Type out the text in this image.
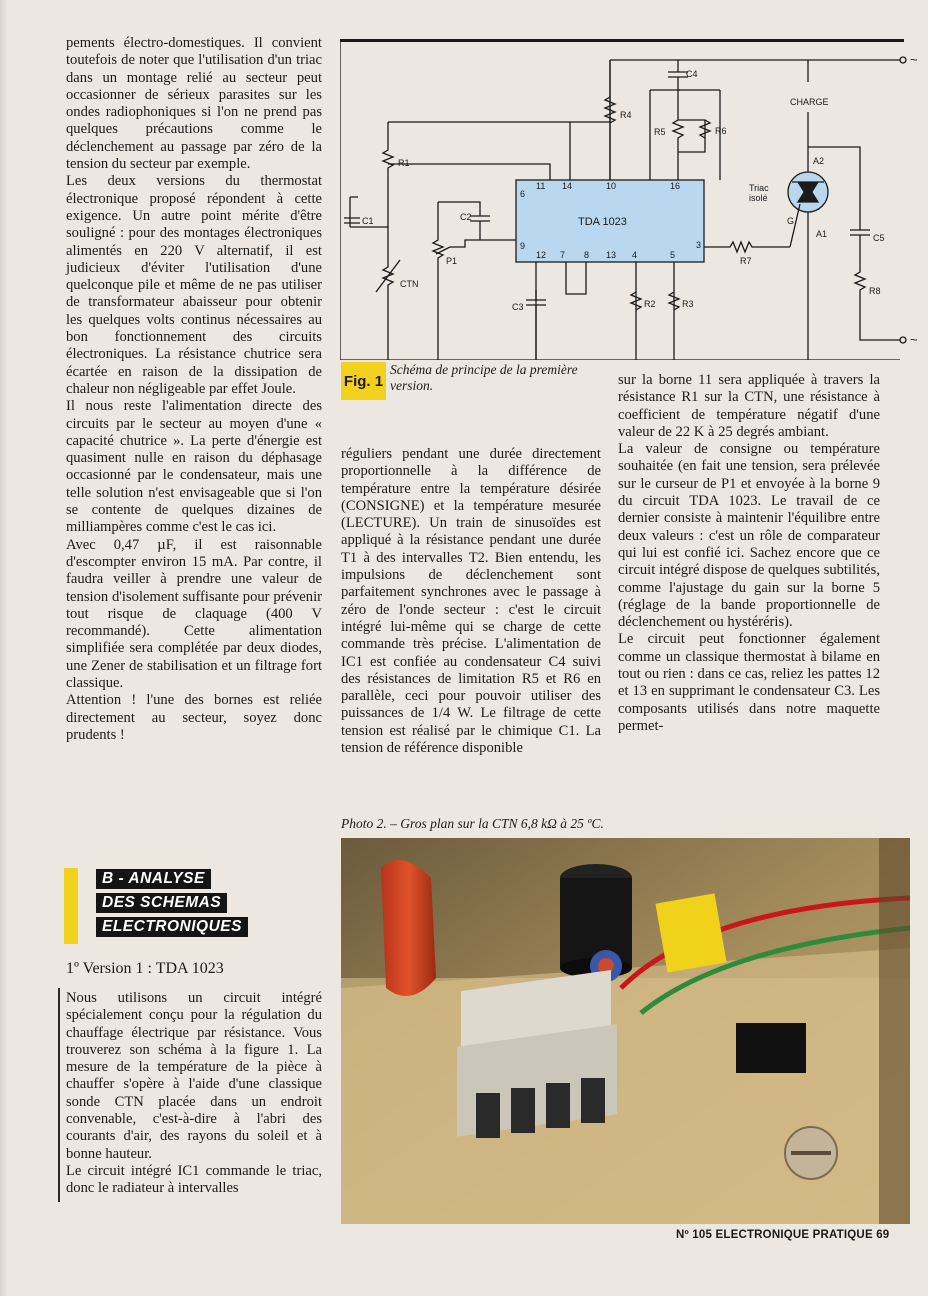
pements électro-domestiques. Il convient toutefois de noter que l'utilisation d'un triac dans un montage relié au secteur peut occasionner de sérieux parasites sur les ondes radiophoniques si l'on ne prend pas quelques précautions comme le déclenchement au passage par zéro de la tension du secteur par exemple.

Les deux versions du thermostat électronique proposé répondent à cette exigence. Un autre point mérite d'être souligné : pour des montages électroniques alimentés en 220 V alternatif, il est judicieux d'éviter l'utilisation d'une quelconque pile et même de ne pas utiliser de transformateur abaisseur pour obtenir les quelques volts continus nécessaires au bon fonctionnement des circuits électroniques. La résistance chutrice sera écartée en raison de la dissipation de chaleur non négligeable par effet Joule.

Il nous reste l'alimentation directe des circuits par le secteur au moyen d'une « capacité chutrice ». La perte d'énergie est quasiment nulle en raison du déphasage occasionné par le condensateur, mais une telle solution n'est envisageable que si l'on se contente de quelques dizaines de milliampères comme c'est le cas ici.

Avec 0,47 µF, il est raisonnable d'escompter environ 15 mA. Par contre, il faudra veiller à prendre une valeur de tension d'isolement suffisante pour prévenir tout risque de claquage (400 V recommandé). Cette alimentation simplifiée sera complétée par deux diodes, une Zener de stabilisation et un filtrage fort classique.

Attention ! l'une des bornes est reliée directement au secteur, soyez donc prudents !

B - ANALYSE
DES SCHEMAS
ELECTRONIQUES
1º Version 1 : TDA 1023

Nous utilisons un circuit intégré spécialement conçu pour la régulation du chauffage électrique par résistance. Vous trouverez son schéma à la figure 1. La mesure de la température de la pièce à chauffer s'opère à l'aide d'une classique sonde CTN placée dans un endroit convenable, c'est-à-dire à l'abri des courants d'air, des rayons du soleil et à bonne hauteur.

Le circuit intégré IC1 commande le triac, donc le radiateur à intervalles

CHARGE
~
~
TDA 1023
Triac
isolé
R1
R2	R3
R4
R5	R6
R7
R8
C1	C2
C3
C4
C5
P1
CTN
A1
A2
G
11 14	10	16
6
9
12 7 8 13 4	5
3
Fig. 1
Schéma de principe de la première version.

réguliers pendant une durée directement proportionnelle à la différence de température entre la température désirée (CONSIGNE) et la température mesurée (LECTURE). Un train de sinusoïdes est appliqué à la résistance pendant une durée T1 à des intervalles T2. Bien entendu, les impulsions de déclenchement sont parfaitement synchrones avec le passage à zéro de l'onde secteur : c'est le circuit intégré lui-même qui se charge de cette commande très précise. L'alimentation de IC1 est confiée au condensateur C4 suivi des résistances de limitation R5 et R6 en parallèle, ceci pour pouvoir utiliser des puissances de 1/4 W. Le filtrage de cette tension est réalisé par le chimique C1. La tension de référence disponible

sur la borne 11 sera appliquée à travers la résistance R1 sur la CTN, une résistance à coefficient de température négatif d'une valeur de 22 K à 25 degrés ambiant.

La valeur de consigne ou température souhaitée (en fait une tension, sera prélevée sur le curseur de P1 et envoyée à la borne 9 du circuit TDA 1023. Le travail de ce dernier consiste à maintenir l'équilibre entre deux valeurs : c'est un rôle de comparateur qui lui est confié ici. Sachez encore que ce circuit intégré dispose de quelques subtilités, comme l'ajustage du gain sur la borne 5 (réglage de la bande proportionnelle de déclenchement ou hystéréris).

Le circuit peut fonctionner également comme un classique thermostat à bilame en tout ou rien : dans ce cas, reliez les pattes 12 et 13 en supprimant le condensateur C3. Les composants utilisés dans notre maquette permet-

Photo 2. – Gros plan sur la CTN 6,8 kΩ à 25 ºC.
Nº 105 ELECTRONIQUE PRATIQUE 69
